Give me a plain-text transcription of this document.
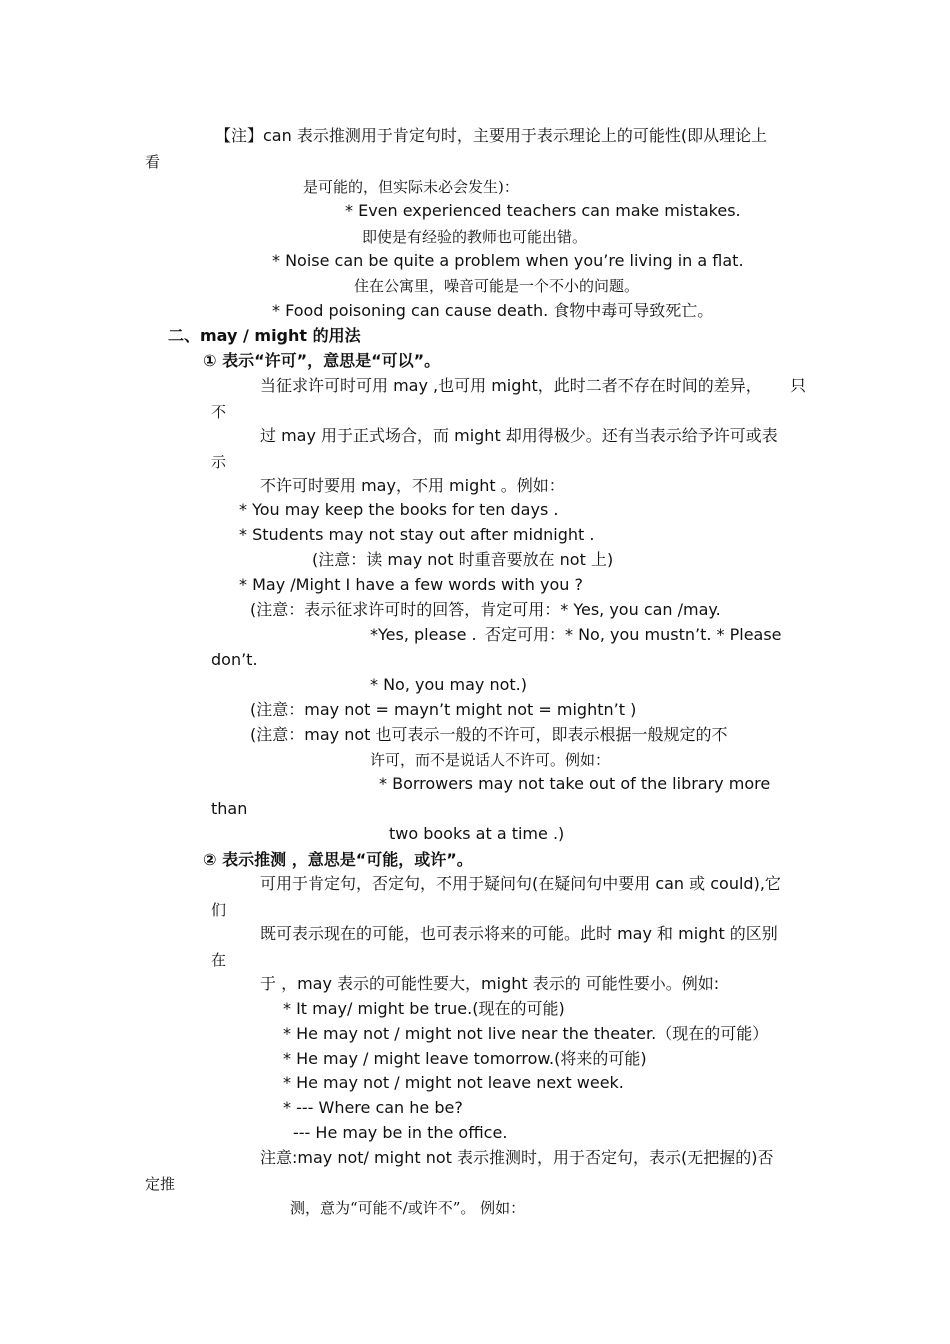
【注】can 表示推测用于肯定句时，主要用于表示理论上的可能性(即从理论上
看
是可能的，但实际未必会发生)：
* Even experienced teachers can make mistakes.
即使是有经验的教师也可能出错。
* Noise can be quite a problem when you’re living in a flat.
住在公寓里，噪音可能是一个不小的问题。
* Food poisoning can cause death. 食物中毒可导致死亡。
二、may / might 的用法
① 表示“许可”，意思是“可以”。
当征求许可时可用 may ,也可用 might，此时二者不存在时间的差异， 只
不
过 may 用于正式场合，而 might 却用得极少。还有当表示给予许可或表
示
不许可时要用 may，不用 might 。例如：
* You may keep the books for ten days .
* Students may not stay out after midnight .
(注意：读 may not 时重音要放在 not 上)
* May /Might I have a few words with you ?
(注意：表示征求许可时的回答，肯定可用：* Yes, you can /may.
*Yes, please . 否定可用：* No, you mustn’t. * Please
don’t.
* No, you may not.)
(注意：may not = mayn’t might not = mightn’t )
(注意：may not 也可表示一般的不许可，即表示根据一般规定的不
许可，而不是说话人不许可。例如：
* Borrowers may not take out of the library more
than
two books at a time .)
② 表示推测 ，意思是“可能，或许”。
可用于肯定句，否定句，不用于疑问句(在疑问句中要用 can 或 could),它
们
既可表示现在的可能，也可表示将来的可能。此时 may 和 might 的区别
在
于 ，may 表示的可能性要大，might 表示的 可能性要小。例如:
* It may/ might be true.(现在的可能)
* He may not / might not live near the theater.（现在的可能）
* He may / might leave tomorrow.(将来的可能)
* He may not / might not leave next week.
* --- Where can he be?
--- He may be in the office.
注意:may not/ might not 表示推测时，用于否定句，表示(无把握的)否
定推
测，意为“可能不/或许不”。 例如：
